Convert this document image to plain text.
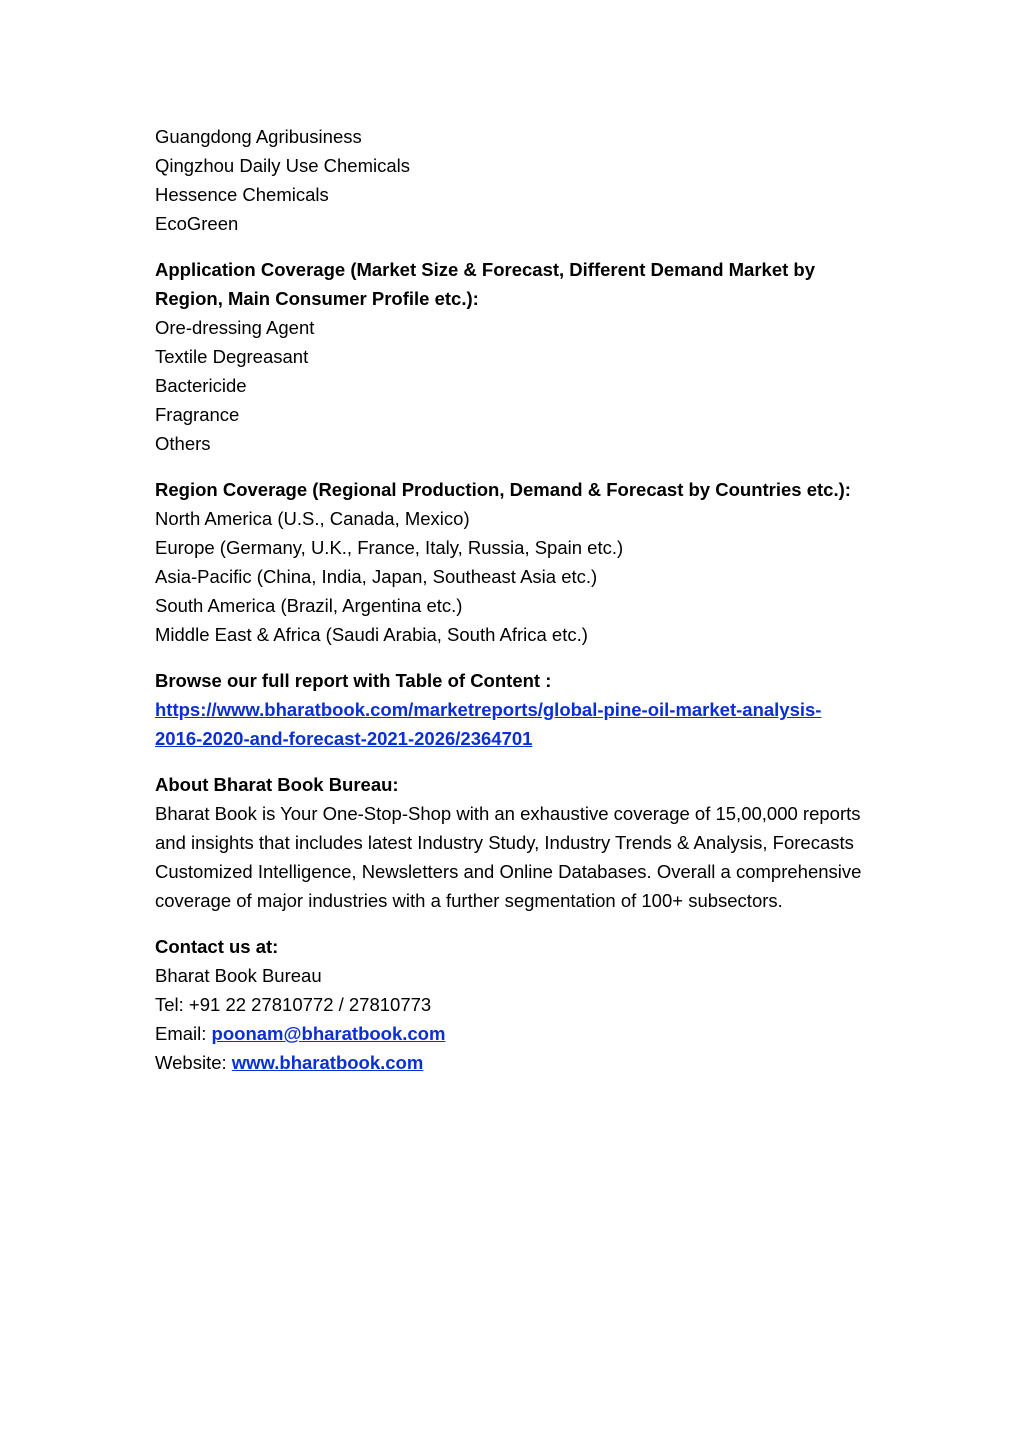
Guangdong Agribusiness
Qingzhou Daily Use Chemicals
Hessence Chemicals
EcoGreen
Application Coverage (Market Size & Forecast, Different Demand Market by Region, Main Consumer Profile etc.):
Ore-dressing Agent
Textile Degreasant
Bactericide
Fragrance
Others
Region Coverage (Regional Production, Demand & Forecast by Countries etc.):
North America (U.S., Canada, Mexico)
Europe (Germany, U.K., France, Italy, Russia, Spain etc.)
Asia-Pacific (China, India, Japan, Southeast Asia etc.)
South America (Brazil, Argentina etc.)
Middle East & Africa (Saudi Arabia, South Africa etc.)
Browse our full report with Table of Content :
https://www.bharatbook.com/marketreports/global-pine-oil-market-analysis-
2016-2020-and-forecast-2021-2026/2364701
About Bharat Book Bureau:
Bharat Book is Your One-Stop-Shop with an exhaustive coverage of 15,00,000 reports and insights that includes latest Industry Study, Industry Trends & Analysis, Forecasts Customized Intelligence, Newsletters and Online Databases. Overall a comprehensive coverage of major industries with a further segmentation of 100+ subsectors.
Contact us at:
Bharat Book Bureau
Tel: +91 22 27810772 / 27810773
Email: poonam@bharatbook.com
Website: www.bharatbook.com
